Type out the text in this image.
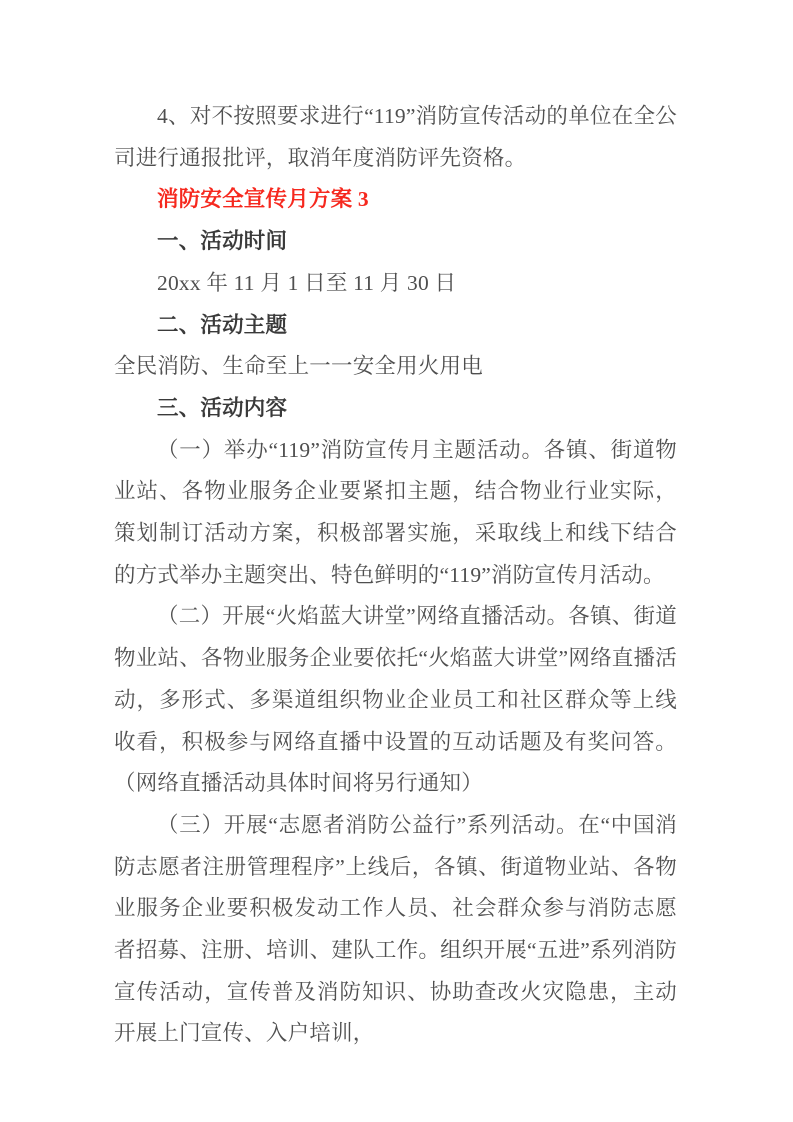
4、对不按照要求进行“119”消防宣传活动的单位在全公司进行通报批评，取消年度消防评先资格。

消防安全宣传月方案 3

一、活动时间

20xx 年 11 月 1 日至 11 月 30 日

二、活动主题

全民消防、生命至上一一安全用火用电

三、活动内容

（一）举办“119”消防宣传月主题活动。各镇、街道物业站、各物业服务企业要紧扣主题，结合物业行业实际，策划制订活动方案，积极部署实施，采取线上和线下结合的方式举办主题突出、特色鲜明的“119”消防宣传月活动。

（二）开展“火焰蓝大讲堂”网络直播活动。各镇、街道物业站、各物业服务企业要依托“火焰蓝大讲堂”网络直播活动，多形式、多渠道组织物业企业员工和社区群众等上线收看，积极参与网络直播中设置的互动话题及有奖问答。（网络直播活动具体时间将另行通知）

（三）开展“志愿者消防公益行”系列活动。在“中国消防志愿者注册管理程序”上线后，各镇、街道物业站、各物业服务企业要积极发动工作人员、社会群众参与消防志愿者招募、注册、培训、建队工作。组织开展“五进”系列消防宣传活动，宣传普及消防知识、协助查改火灾隐患，主动开展上门宣传、入户培训，
